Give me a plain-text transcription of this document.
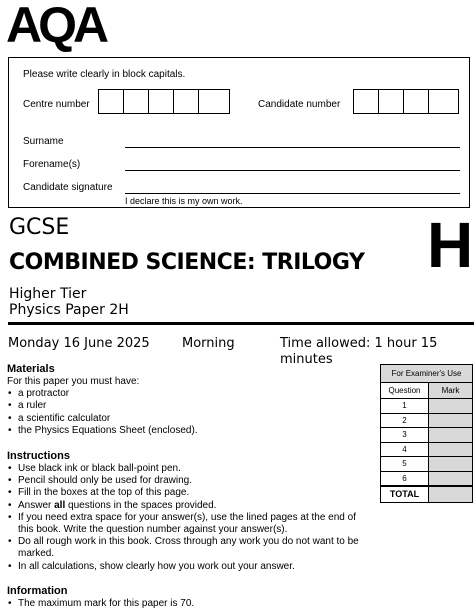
AQA
Please write clearly in block capitals.
Centre number	Candidate number
Surname
Forename(s)
Candidate signature
I declare this is my own work.
GCSE
COMBINED SCIENCE: TRILOGY H
Higher Tier
Physics Paper 2H
Monday 16 June 2025 Morning	Time allowed: 1 hour 15 minutes
Materials
For this paper you must have:
• a protractor
• a ruler
• a scientific calculator
• the Physics Equations Sheet (enclosed).
Instructions
• Use black ink or black ball-point pen.
• Pencil should only be used for drawing.
• Fill in the boxes at the top of this page.
• Answer all questions in the spaces provided.
• If you need extra space for your answer(s), use the lined pages at the end of this book. Write the question number against your answer(s).
• Do all rough work in this book. Cross through any work you do not want to be marked.
• In all calculations, show clearly how you work out your answer.
Information
• The maximum mark for this paper is 70.
For Examiner's Use	
Question	Mark
1	
2	
3	
4	
5	
6	
TOTAL	
